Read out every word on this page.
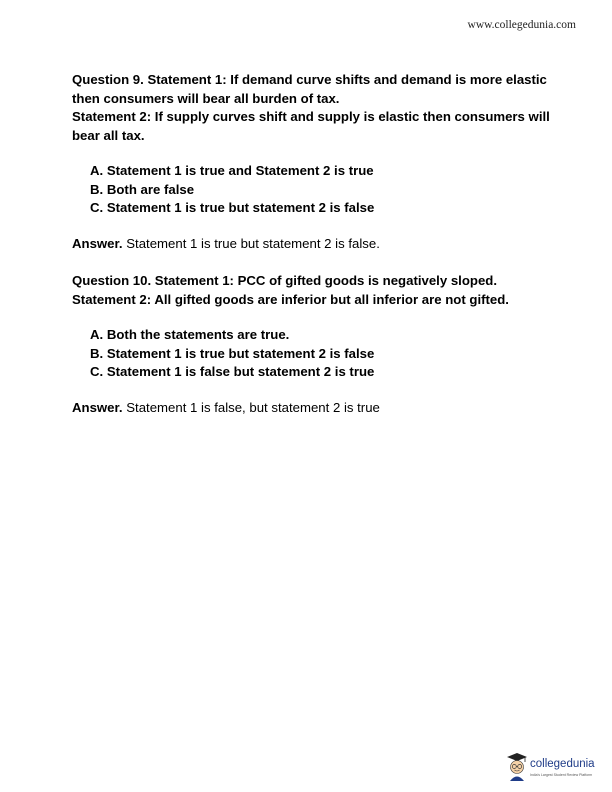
www.collegedunia.com

Question 9. Statement 1: If demand curve shifts and demand is more elastic then consumers will bear all burden of tax.

Statement 2: If supply curves shift and supply is elastic then consumers will bear all tax.

A. Statement 1 is true and Statement 2 is true
B. Both are false
C. Statement 1 is true but statement 2 is false

Answer. Statement 1 is true but statement 2 is false.

Question 10. Statement 1: PCC of gifted goods is negatively sloped.

Statement 2: All gifted goods are inferior but all inferior are not gifted.

A. Both the statements are true.
B. Statement 1 is true but statement 2 is false
C. Statement 1 is false but statement 2 is true

Answer. Statement 1 is false, but statement 2 is true

collegedunia
India's Largest Student Review Platform
